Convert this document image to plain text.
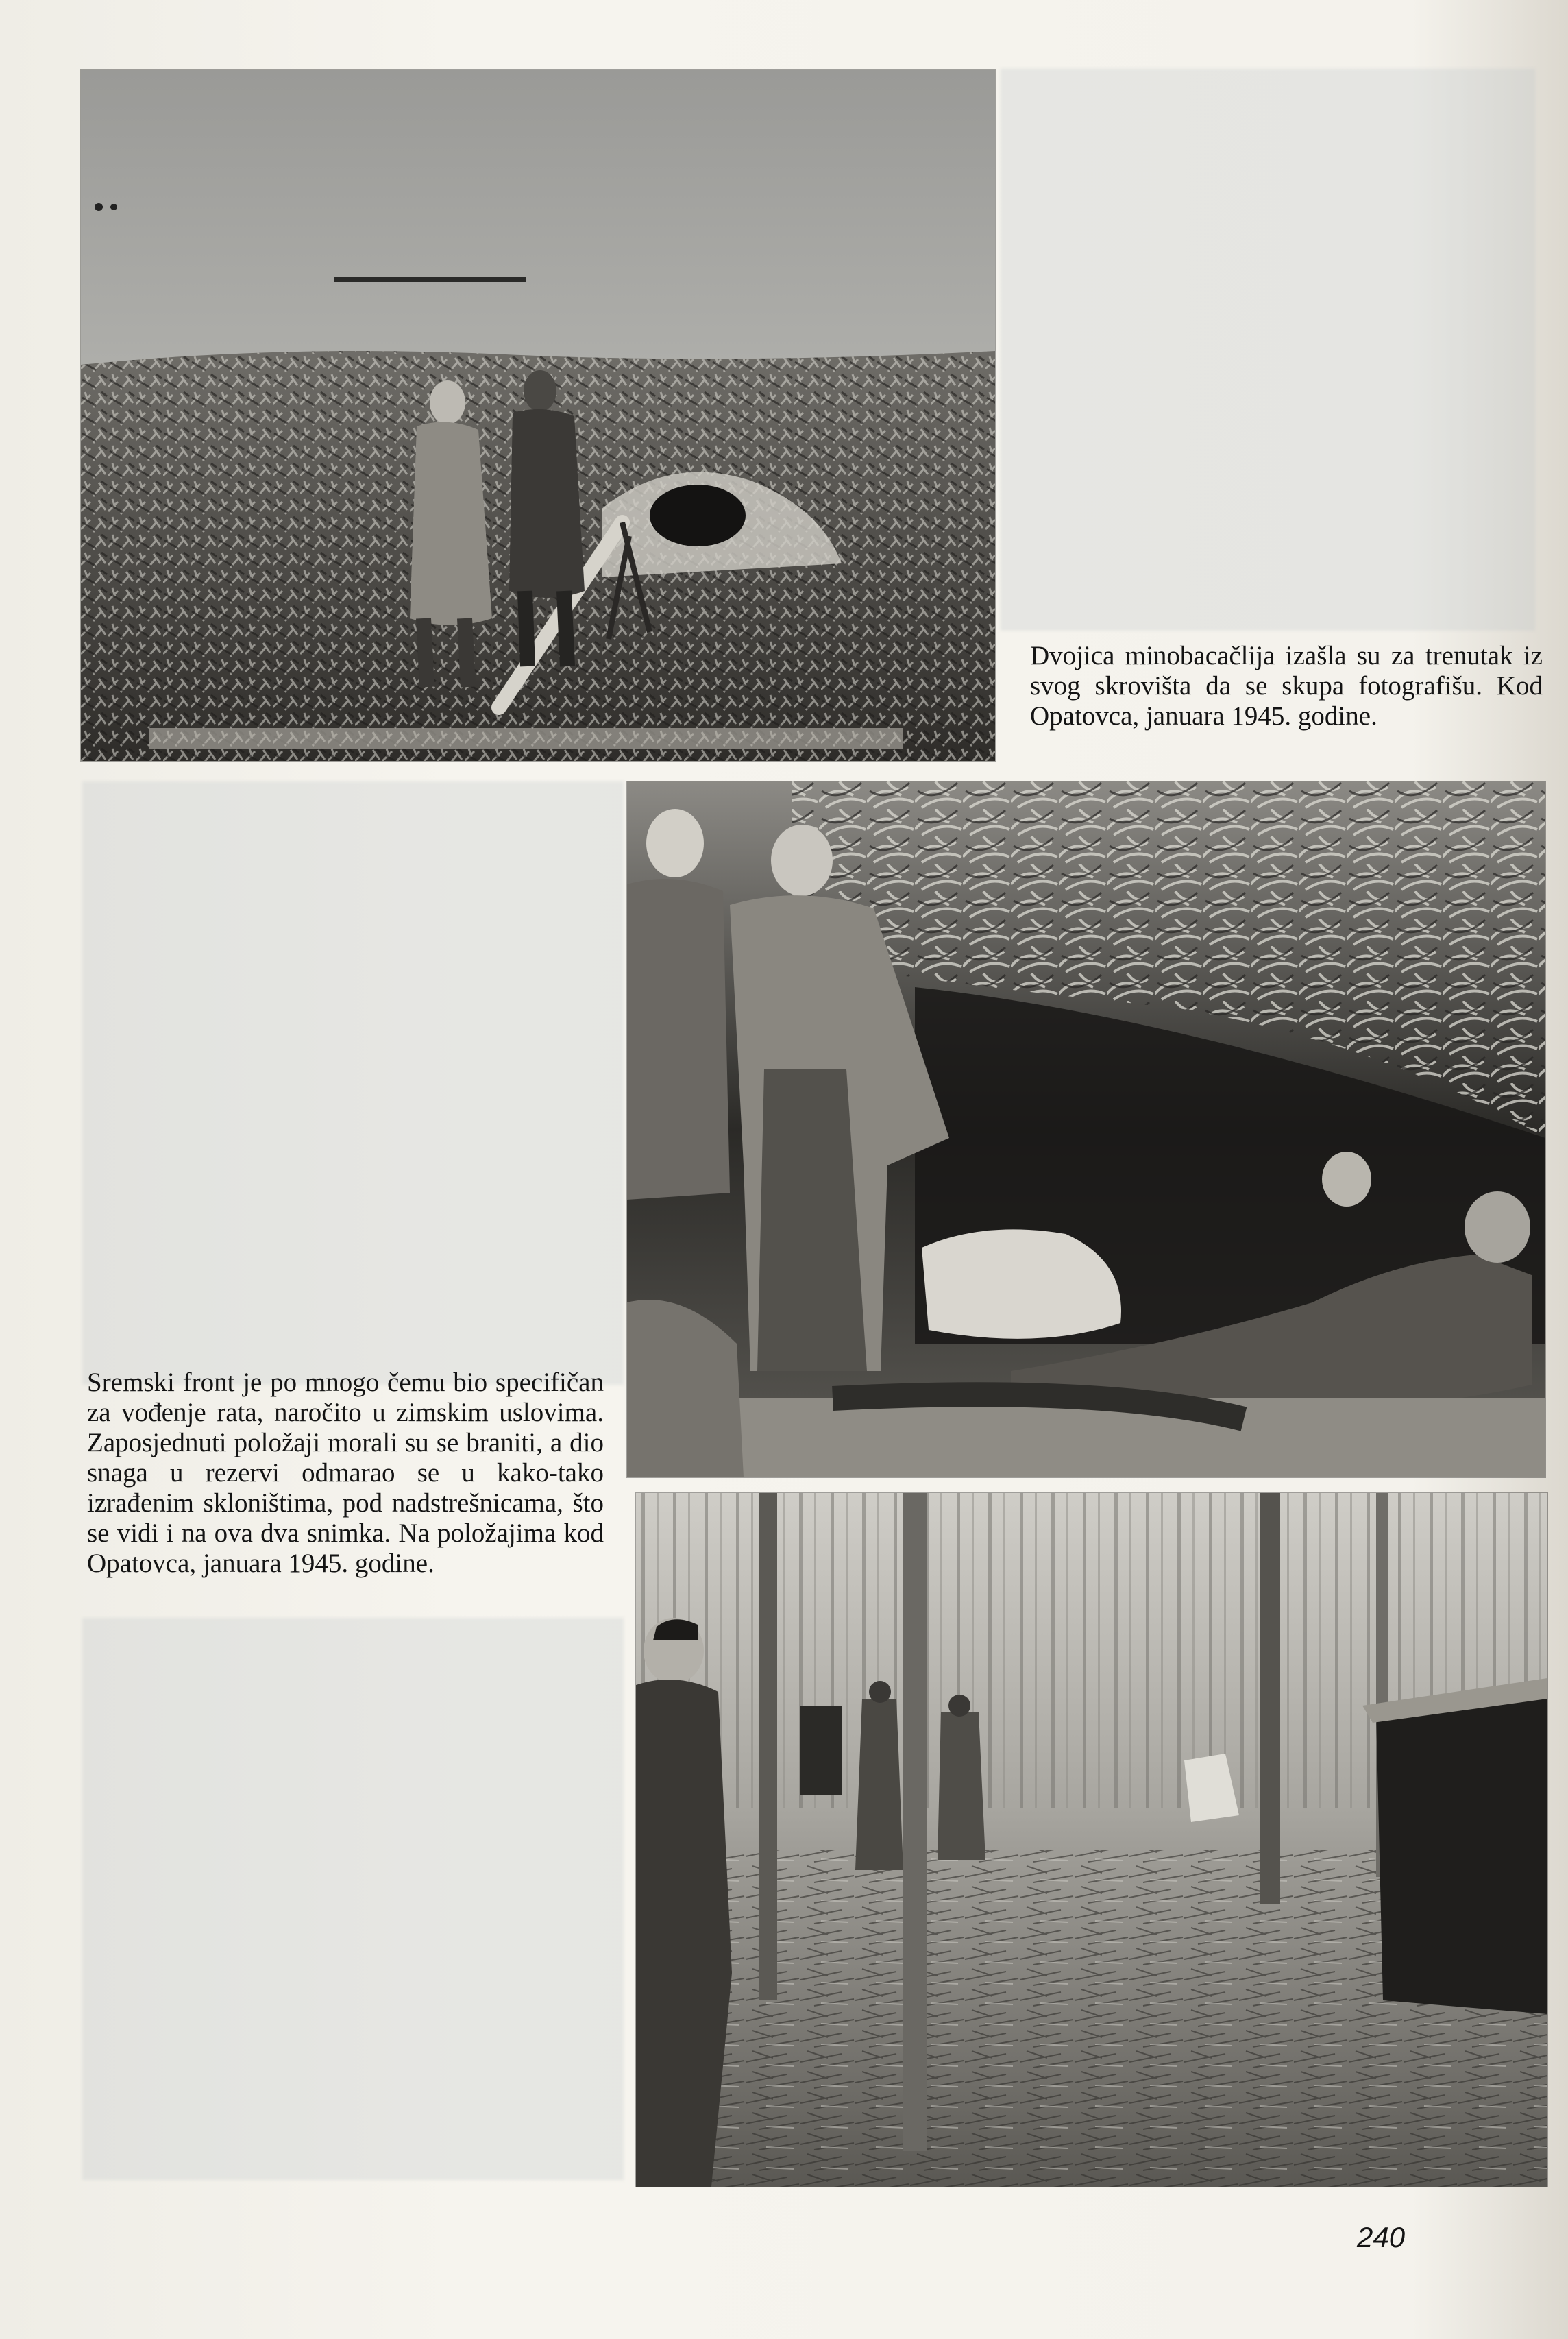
Dvojica minobacačlija izašla su za trenutak iz svog skrovišta da se skupa fotografišu. Kod Opatovca, januara 1945. godine.

Sremski front je po mnogo čemu bio specifičan za vođenje rata, naročito u zimskim uslovima. Zaposjednuti položaji morali su se braniti, a dio snaga u rezervi odmarao se u kako-tako izrađenim skloništima, pod nadstrešnicama, što se vidi i na ova dva snimka. Na položajima kod Opatovca, januara 1945. godine.

240
